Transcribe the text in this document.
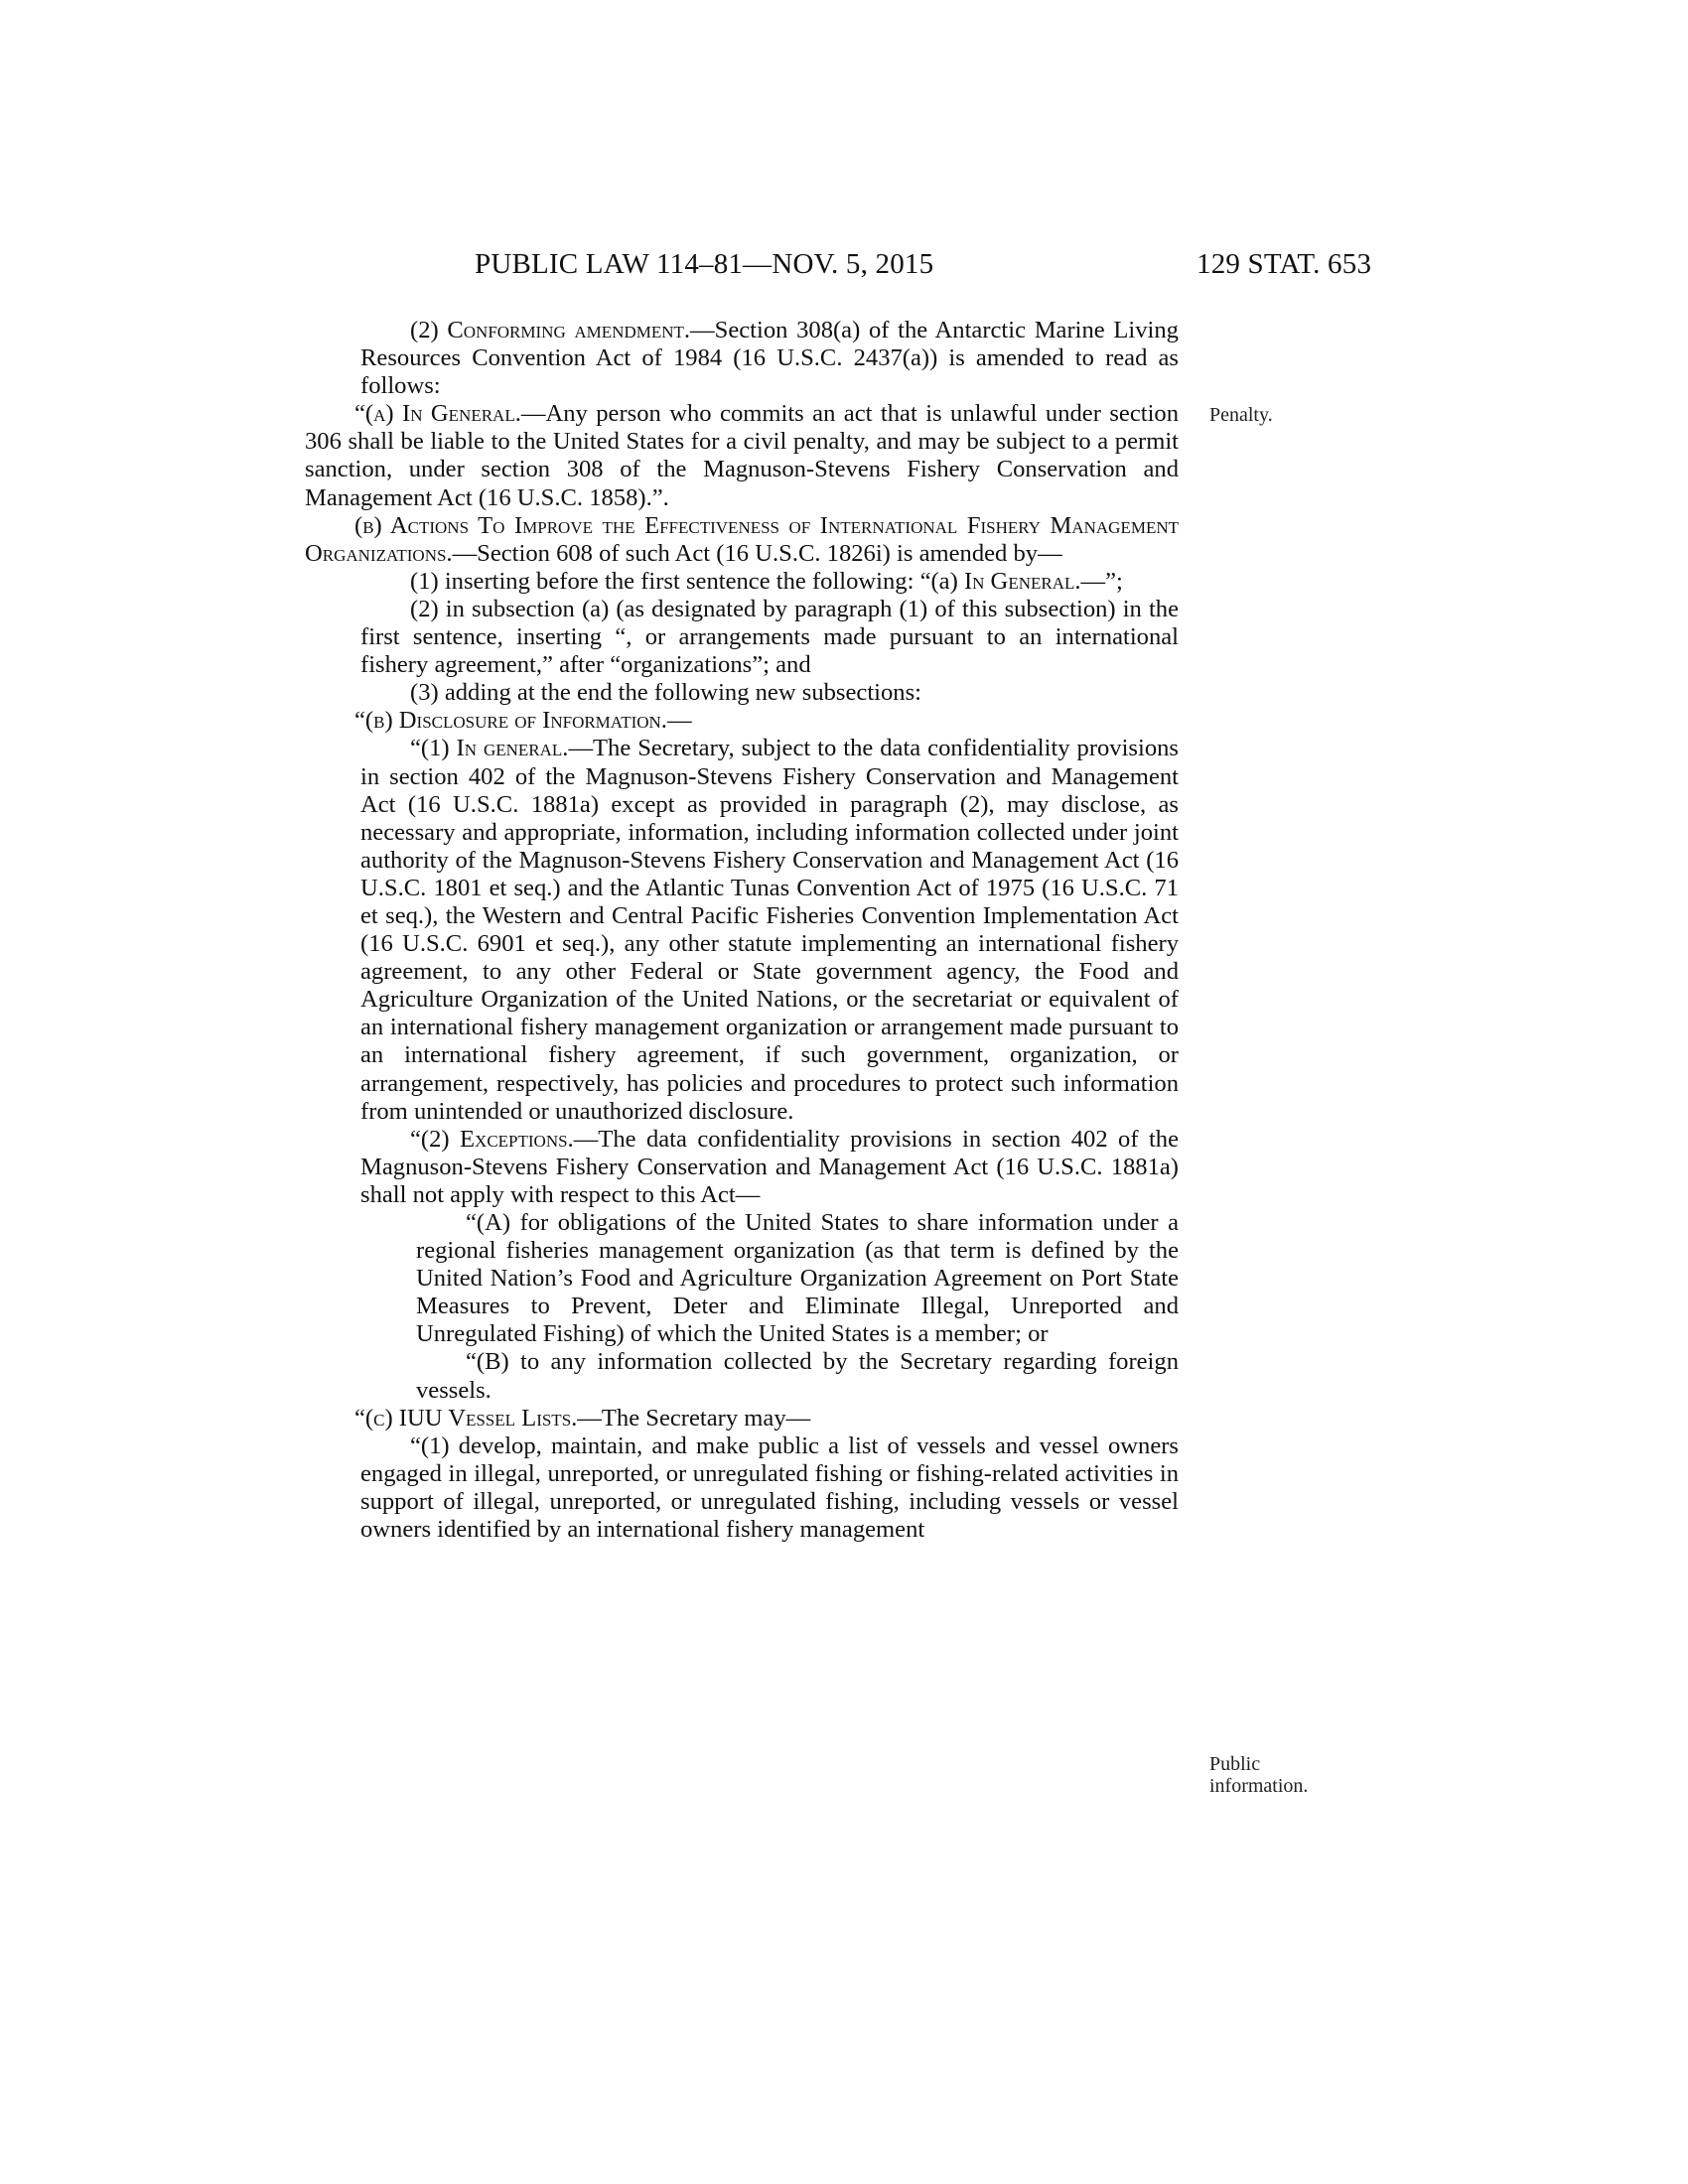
PUBLIC LAW 114–81—NOV. 5, 2015	129 STAT. 653
Penalty.
Public
information.

(2) Conforming amendment.—Section 308(a) of the Antarctic Marine Living Resources Convention Act of 1984 (16 U.S.C. 2437(a)) is amended to read as follows:

“(a) In General.—Any person who commits an act that is unlawful under section 306 shall be liable to the United States for a civil penalty, and may be subject to a permit sanction, under section 308 of the Magnuson-Stevens Fishery Conservation and Management Act (16 U.S.C. 1858).”.

(b) Actions To Improve the Effectiveness of International Fishery Management Organizations.—Section 608 of such Act (16 U.S.C. 1826i) is amended by—

(1) inserting before the first sentence the following: “(a) In General.—”;

(2) in subsection (a) (as designated by paragraph (1) of this subsection) in the first sentence, inserting “, or arrangements made pursuant to an international fishery agreement,” after “organizations”; and

(3) adding at the end the following new subsections:

“(b) Disclosure of Information.—

“(1) In general.—The Secretary, subject to the data confidentiality provisions in section 402 of the Magnuson-Stevens Fishery Conservation and Management Act (16 U.S.C. 1881a) except as provided in paragraph (2), may disclose, as necessary and appropriate, information, including information collected under joint authority of the Magnuson-Stevens Fishery Conservation and Management Act (16 U.S.C. 1801 et seq.) and the Atlantic Tunas Convention Act of 1975 (16 U.S.C. 71 et seq.), the Western and Central Pacific Fisheries Convention Implementation Act (16 U.S.C. 6901 et seq.), any other statute implementing an international fishery agreement, to any other Federal or State government agency, the Food and Agriculture Organization of the United Nations, or the secretariat or equivalent of an international fishery management organization or arrangement made pursuant to an international fishery agreement, if such government, organization, or arrangement, respectively, has policies and procedures to protect such information from unintended or unauthorized disclosure.

“(2) Exceptions.—The data confidentiality provisions in section 402 of the Magnuson-Stevens Fishery Conservation and Management Act (16 U.S.C. 1881a) shall not apply with respect to this Act—

“(A) for obligations of the United States to share information under a regional fisheries management organization (as that term is defined by the United Nation’s Food and Agriculture Organization Agreement on Port State Measures to Prevent, Deter and Eliminate Illegal, Unreported and Unregulated Fishing) of which the United States is a member; or

“(B) to any information collected by the Secretary regarding foreign vessels.

“(c) IUU Vessel Lists.—The Secretary may—

“(1) develop, maintain, and make public a list of vessels and vessel owners engaged in illegal, unreported, or unregulated fishing or fishing-related activities in support of illegal, unreported, or unregulated fishing, including vessels or vessel owners identified by an international fishery management
